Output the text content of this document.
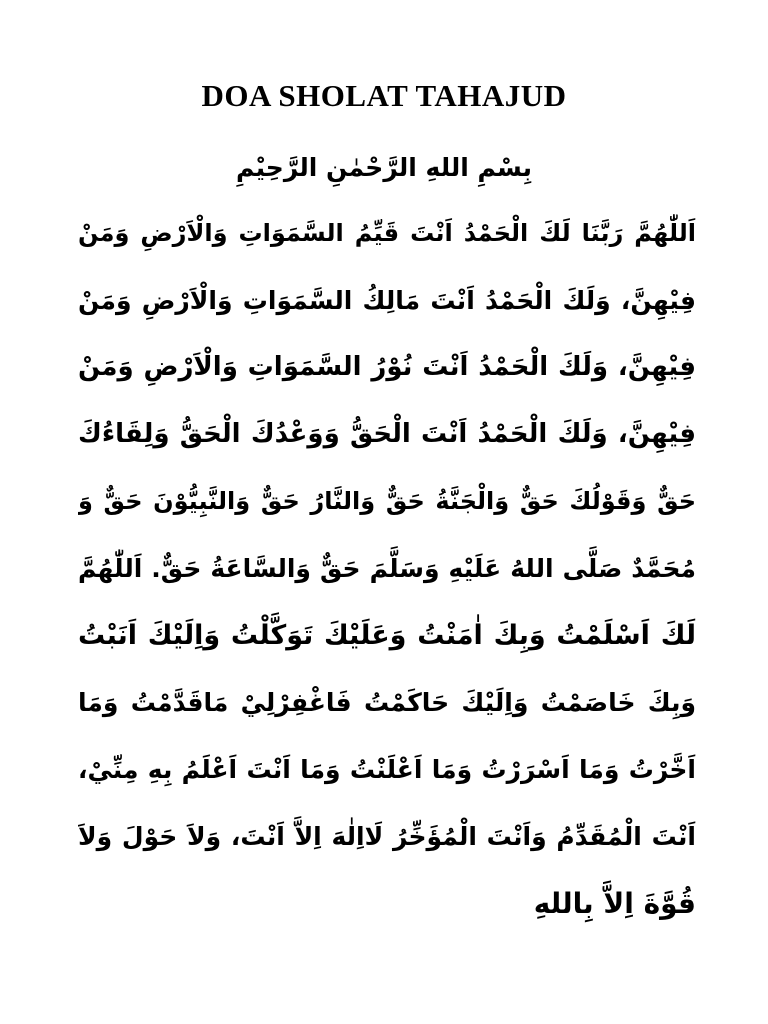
DOA SHOLAT TAHAJUD
بِسْمِ اللهِ الرَّحْمٰنِ الرَّحِيْمِ
اَللّٰهُمَّ رَبَّنَا لَكَ الْحَمْدُ اَنْتَ قَيِّمُ السَّمَوَاتِ وَالْاَرْضِ وَمَنْ
فِيْهِنَّ، وَلَكَ الْحَمْدُ اَنْتَ مَالِكُ السَّمَوَاتِ وَالْاَرْضِ وَمَنْ
فِيْهِنَّ، وَلَكَ الْحَمْدُ اَنْتَ نُوْرُ السَّمَوَاتِ وَالْاَرْضِ وَمَنْ
فِيْهِنَّ، وَلَكَ الْحَمْدُ اَنْتَ الْحَقُّ وَوَعْدُكَ الْحَقُّ وَلِقَاءُكَ
حَقٌّ وَقَوْلُكَ حَقٌّ وَالْجَنَّةُ حَقٌّ وَالنَّارُ حَقٌّ وَالنَّبِيُّوْنَ حَقٌّ وَ
مُحَمَّدٌ صَلَّى اللهُ عَلَيْهِ وَسَلَّمَ حَقٌّ وَالسَّاعَةُ حَقٌّ. اَللّٰهُمَّ
لَكَ اَسْلَمْتُ وَبِكَ اٰمَنْتُ وَعَلَيْكَ تَوَكَّلْتُ وَاِلَيْكَ اَنَبْتُ
وَبِكَ خَاصَمْتُ وَاِلَيْكَ حَاكَمْتُ فَاغْفِرْلِيْ مَاقَدَّمْتُ وَمَا
اَخَّرْتُ وَمَا اَسْرَرْتُ وَمَا اَعْلَنْتُ وَمَا اَنْتَ اَعْلَمُ بِهِ مِنِّيْ،
اَنْتَ الْمُقَدِّمُ وَاَنْتَ الْمُؤَخِّرُ لَااِلٰهَ اِلاَّ اَنْتَ، وَلاَ حَوْلَ وَلاَ
قُوَّةَ اِلاَّ بِاللهِ
